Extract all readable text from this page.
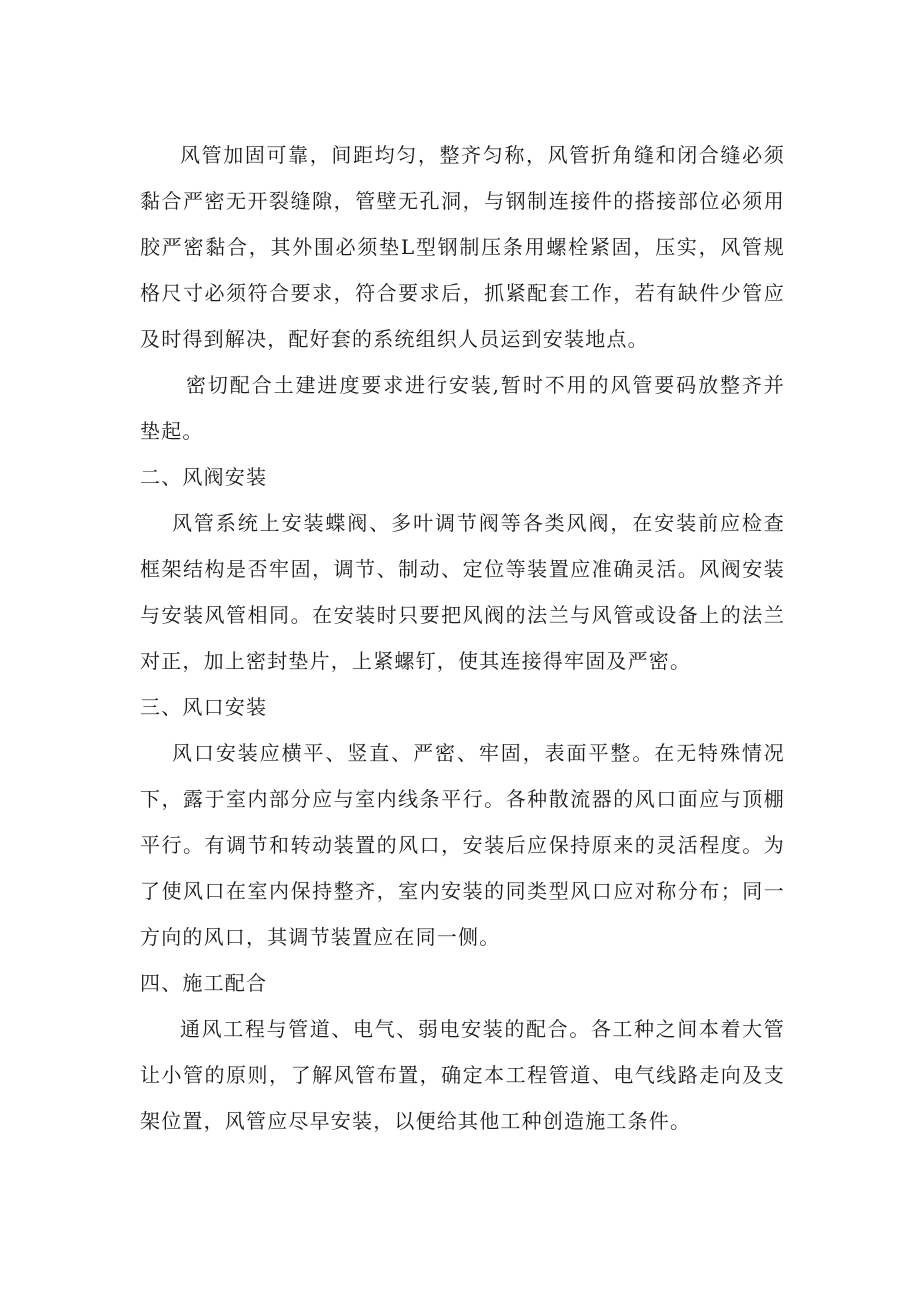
风管加固可靠，间距均匀，整齐匀称，风管折角缝和闭合缝必须黏合严密无开裂缝隙，管壁无孔洞，与钢制连接件的搭接部位必须用胶严密黏合，其外围必须垫L型钢制压条用螺栓紧固，压实，风管规格尺寸必须符合要求，符合要求后，抓紧配套工作，若有缺件少管应及时得到解决，配好套的系统组织人员运到安装地点。

密切配合土建进度要求进行安装,暂时不用的风管要码放整齐并垫起。

二、风阀安装

风管系统上安装蝶阀、多叶调节阀等各类风阀，在安装前应检查框架结构是否牢固，调节、制动、定位等装置应准确灵活。风阀安装与安装风管相同。在安装时只要把风阀的法兰与风管或设备上的法兰对正，加上密封垫片，上紧螺钉，使其连接得牢固及严密。

三、风口安装

风口安装应横平、竖直、严密、牢固，表面平整。在无特殊情况下，露于室内部分应与室内线条平行。各种散流器的风口面应与顶棚平行。有调节和转动装置的风口，安装后应保持原来的灵活程度。为了使风口在室内保持整齐，室内安装的同类型风口应对称分布；同一方向的风口，其调节装置应在同一侧。

四、施工配合

通风工程与管道、电气、弱电安装的配合。各工种之间本着大管让小管的原则，了解风管布置，确定本工程管道、电气线路走向及支架位置，风管应尽早安装，以便给其他工种创造施工条件。
